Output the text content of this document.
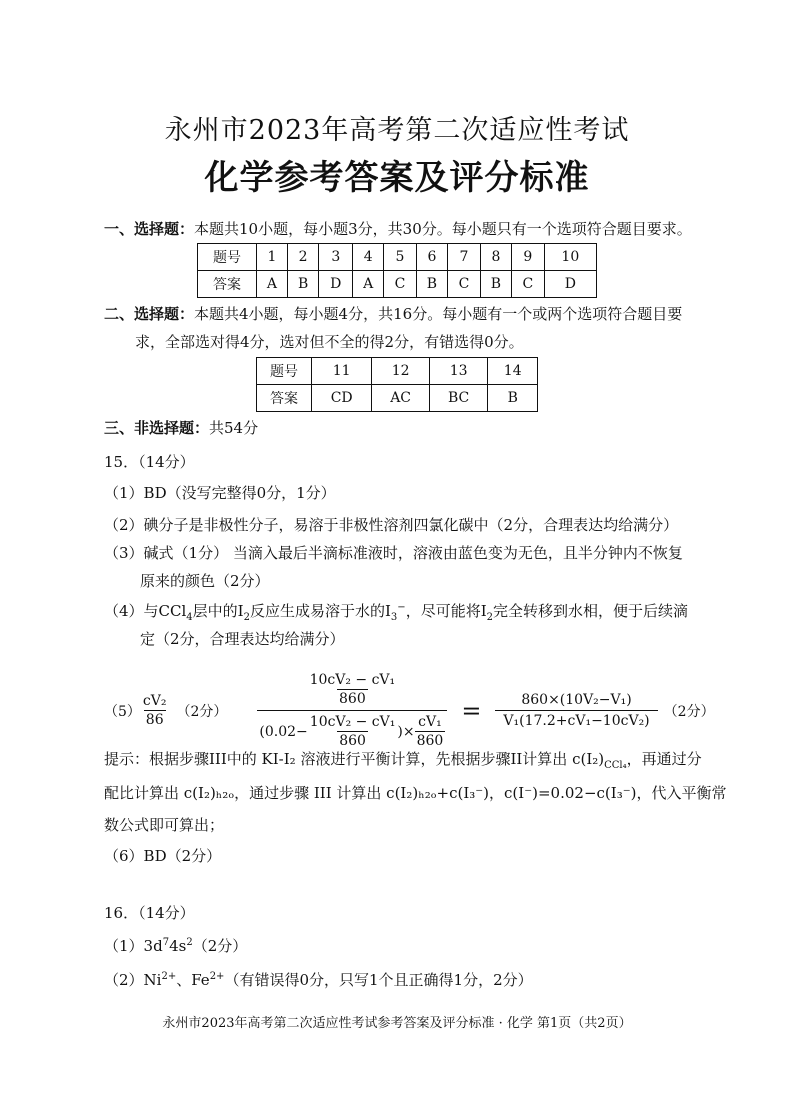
永州市2023年高考第二次适应性考试
化学参考答案及评分标准
一、选择题：本题共10小题，每小题3分，共30分。每小题只有一个选项符合题目要求。
题号	1	2	3	4	5	6	7	8	9	10
答案	A	B	D	A	C	B	C	B	C	D
二、选择题：本题共4小题，每小题4分，共16分。每小题有一个或两个选项符合题目要
求，全部选对得4分，选对但不全的得2分，有错选得0分。
题号	11	12	13	14
答案	CD	AC	BC	B
三、非选择题：共54分
15．（14分）
（1）BD（没写完整得0分，1分）
（2）碘分子是非极性分子，易溶于非极性溶剂四氯化碳中（2分，合理表达均给满分）
（3）碱式（1分） 当滴入最后半滴标准液时，溶液由蓝色变为无色，且半分钟内不恢复
原来的颜色（2分）
（4）与CCl$_4$层中的$I_2$反应生成易溶于水的$I_3^-$，尽可能将$I_2$完全转移到水相，便于后续滴
定（2分，合理表达均给满分）
$(5) \frac{\text{cV₂}}{86} (2$分）
$\frac{\text{10cV₂ − cV₁}}{860}$
($0.02- \frac{\text{10cV₂ − cV₁}}{860}$ )× $\frac{\text{cV₁}}{860}$
= $\frac{\text{860×(10V₂−V₁)}}{\text{V₁(17.2+cV₁−10cV₂)}} (2$分）
提示：根据步骤III中的 KI-I₂ 溶液进行平衡计算，先根据步骤II计算出 $c(I_2)_{CCl_4}$，再通过分
配比计算出 c(I₂)ₕ₂ₒ，通过步骤 III 计算出 c(I₂)ₕ₂ₒ+c(I₃⁻)，c(I⁻)=0.02−c(I₃⁻)，代入平衡常
数公式即可算出；
（6）BD（2分）
16．（14分）
$(1)3d^74s^2(2$分）
$(2)Ni^{2+}$、$Fe^{2+}$（有错误得0分，只写1个且正确得1分，2分）
永州市2023年高考第二次适应性考试参考答案及评分标准 · 化学 第1页（共2页）
